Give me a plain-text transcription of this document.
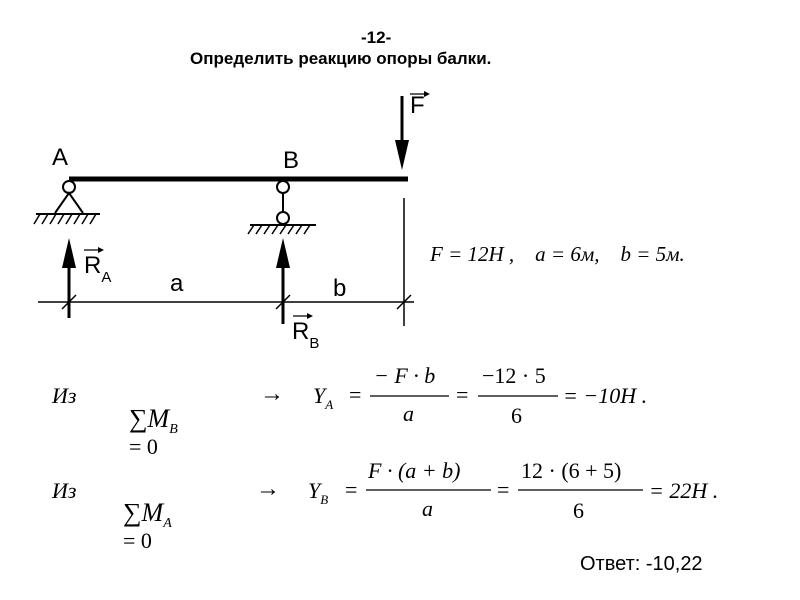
-12-
Определить реакцию опоры балки.
A	B
F
$R_A$
$R_B$
a	b
F = 12H ,    a = 6м,    b = 5м.
Из

$\sum M_B$
= 0

→ $Y_A$ =
− F · b
a
=
−12 · 5
6
= −10H .
Из

$\sum M_A$
= 0

→ $Y_B$ =
F · (a + b)
a
=
12 · (6 + 5)
6
= 22H .
Ответ: -10,22
